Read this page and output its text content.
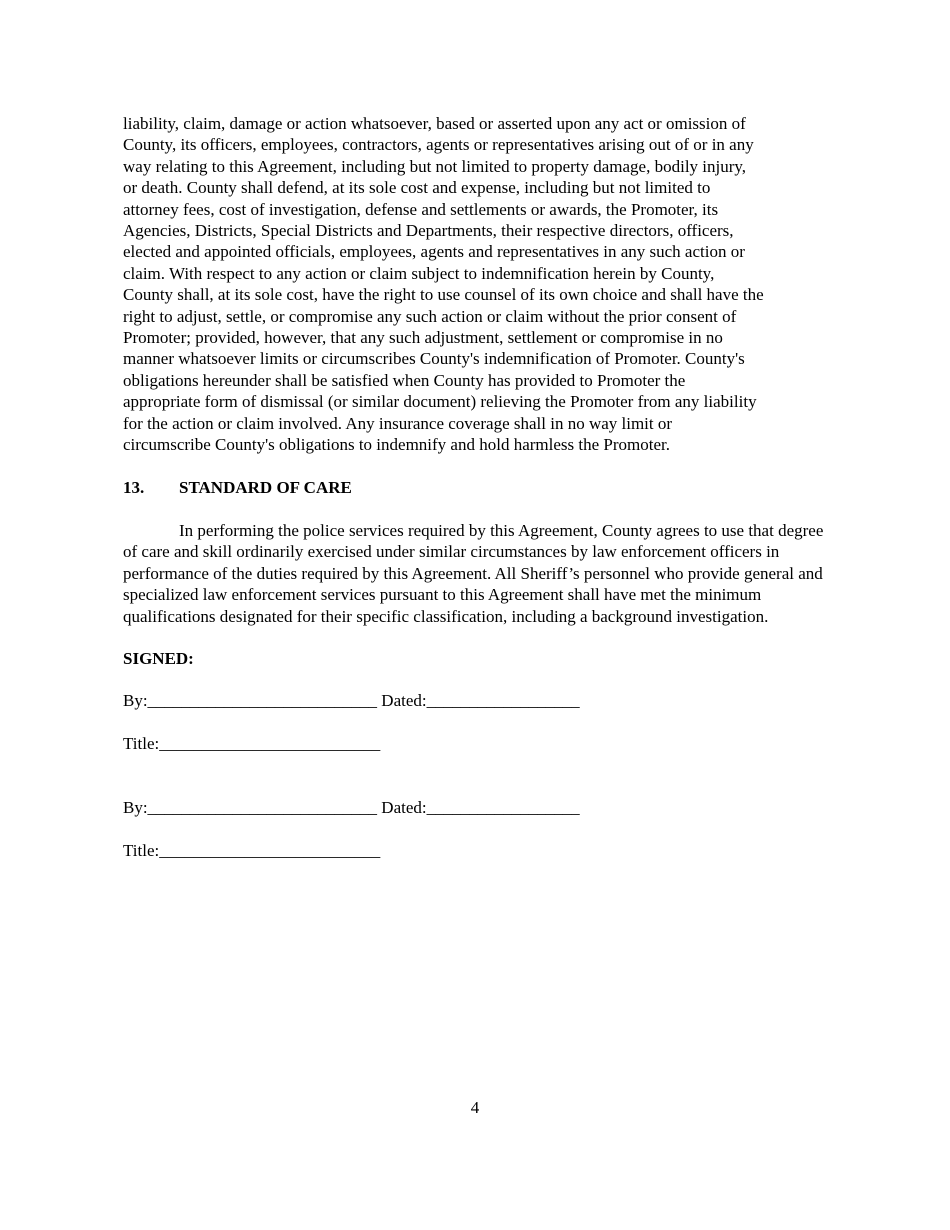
liability, claim, damage or action whatsoever, based or asserted upon any act or omission of
County, its officers, employees, contractors, agents or representatives arising out of or in any
way relating to this Agreement, including but not limited to property damage, bodily injury,
or death. County shall defend, at its sole cost and expense, including but not limited to
attorney fees, cost of investigation, defense and settlements or awards, the Promoter, its
Agencies, Districts, Special Districts and Departments, their respective directors, officers,
elected and appointed officials, employees, agents and representatives in any such action or
claim. With respect to any action or claim subject to indemnification herein by County,
County shall, at its sole cost, have the right to use counsel of its own choice and shall have the
right to adjust, settle, or compromise any such action or claim without the prior consent of
Promoter; provided, however, that any such adjustment, settlement or compromise in no
manner whatsoever limits or circumscribes County's indemnification of Promoter. County's
obligations hereunder shall be satisfied when County has provided to Promoter the
appropriate form of dismissal (or similar document) relieving the Promoter from any liability
for the action or claim involved. Any insurance coverage shall in no way limit or
circumscribe County's obligations to indemnify and hold harmless the Promoter.

13. STANDARD OF CARE

In performing the police services required by this Agreement, County agrees to use that degree of care and skill ordinarily exercised under similar circumstances by law enforcement officers in performance of the duties required by this Agreement. All Sheriff’s personnel who provide general and specialized law enforcement services pursuant to this Agreement shall have met the minimum qualifications designated for their specific classification, including a background investigation.

SIGNED:

By:___________________________ Dated:__________________

Title:__________________________

By:___________________________ Dated:__________________

Title:__________________________

4
